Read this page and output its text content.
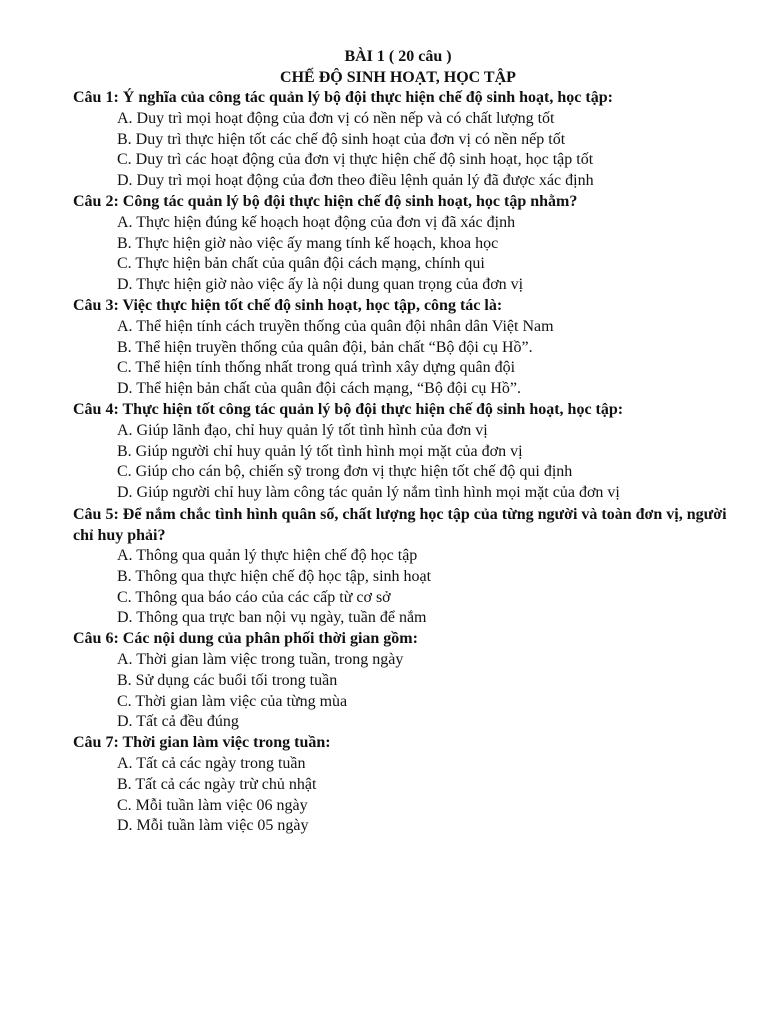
BÀI 1 ( 20 câu )
CHẾ ĐỘ SINH HOẠT, HỌC TẬP

Câu 1: Ý nghĩa của công tác quản lý bộ đội thực hiện chế độ sinh hoạt, học tập:

A. Duy trì mọi hoạt động của đơn vị có nền nếp và có chất lượng tốt
B. Duy trì thực hiện tốt các chế độ sinh hoạt của đơn vị có nền nếp tốt
C. Duy trì các hoạt động của đơn vị thực hiện chế độ sinh hoạt, học tập tốt
D. Duy trì mọi hoạt động của đơn theo điều lệnh quản lý đã được xác định

Câu 2: Công tác quản lý bộ đội thực hiện chế độ sinh hoạt, học tập nhằm?

A. Thực hiện đúng kế hoạch hoạt động của đơn vị đã xác định
B. Thực hiện giờ nào việc ấy mang tính kế hoạch, khoa học
C. Thực hiện bản chất của quân đội cách mạng, chính qui
D. Thực hiện giờ nào việc ấy là nội dung quan trọng của đơn vị

Câu 3: Việc thực hiện tốt chế độ sinh hoạt, học tập, công tác là:

A. Thể hiện tính cách truyền thống của quân đội nhân dân Việt Nam
B. Thể hiện truyền thống của quân đội, bản chất “Bộ đội cụ Hồ”.
C. Thể hiện tính thống nhất trong quá trình xây dựng quân đội
D. Thể hiện bản chất của quân đội cách mạng, “Bộ đội cụ Hồ”.

Câu 4: Thực hiện tốt công tác quản lý bộ đội thực hiện chế độ sinh hoạt, học tập:

A. Giúp lãnh đạo, chỉ huy quản lý tốt tình hình của đơn vị
B. Giúp người chỉ huy quản lý tốt tình hình mọi mặt của đơn vị
C. Giúp cho cán bộ, chiến sỹ trong đơn vị thực hiện tốt chế độ qui định
D. Giúp người chỉ huy làm công tác quản lý nắm tình hình mọi mặt của đơn vị

Câu 5: Để nắm chắc tình hình quân số, chất lượng học tập của từng người và toàn đơn vị, người chỉ huy phải?

A. Thông qua quản lý thực hiện chế độ học tập
B. Thông qua thực hiện chế độ học tập, sinh hoạt
C. Thông qua báo cáo của các cấp từ cơ sở
D. Thông qua trực ban nội vụ ngày, tuần để nắm

Câu 6: Các nội dung của phân phối thời gian gồm:

A. Thời gian làm việc trong tuần, trong ngày
B. Sử dụng các buổi tối trong tuần
C. Thời gian làm việc của từng mùa
D. Tất cả đều đúng

Câu 7: Thời gian làm việc trong tuần:

A. Tất cả các ngày trong tuần
B. Tất cả các ngày trừ chủ nhật
C. Mỗi tuần làm việc 06 ngày
D. Mỗi tuần làm việc 05 ngày
